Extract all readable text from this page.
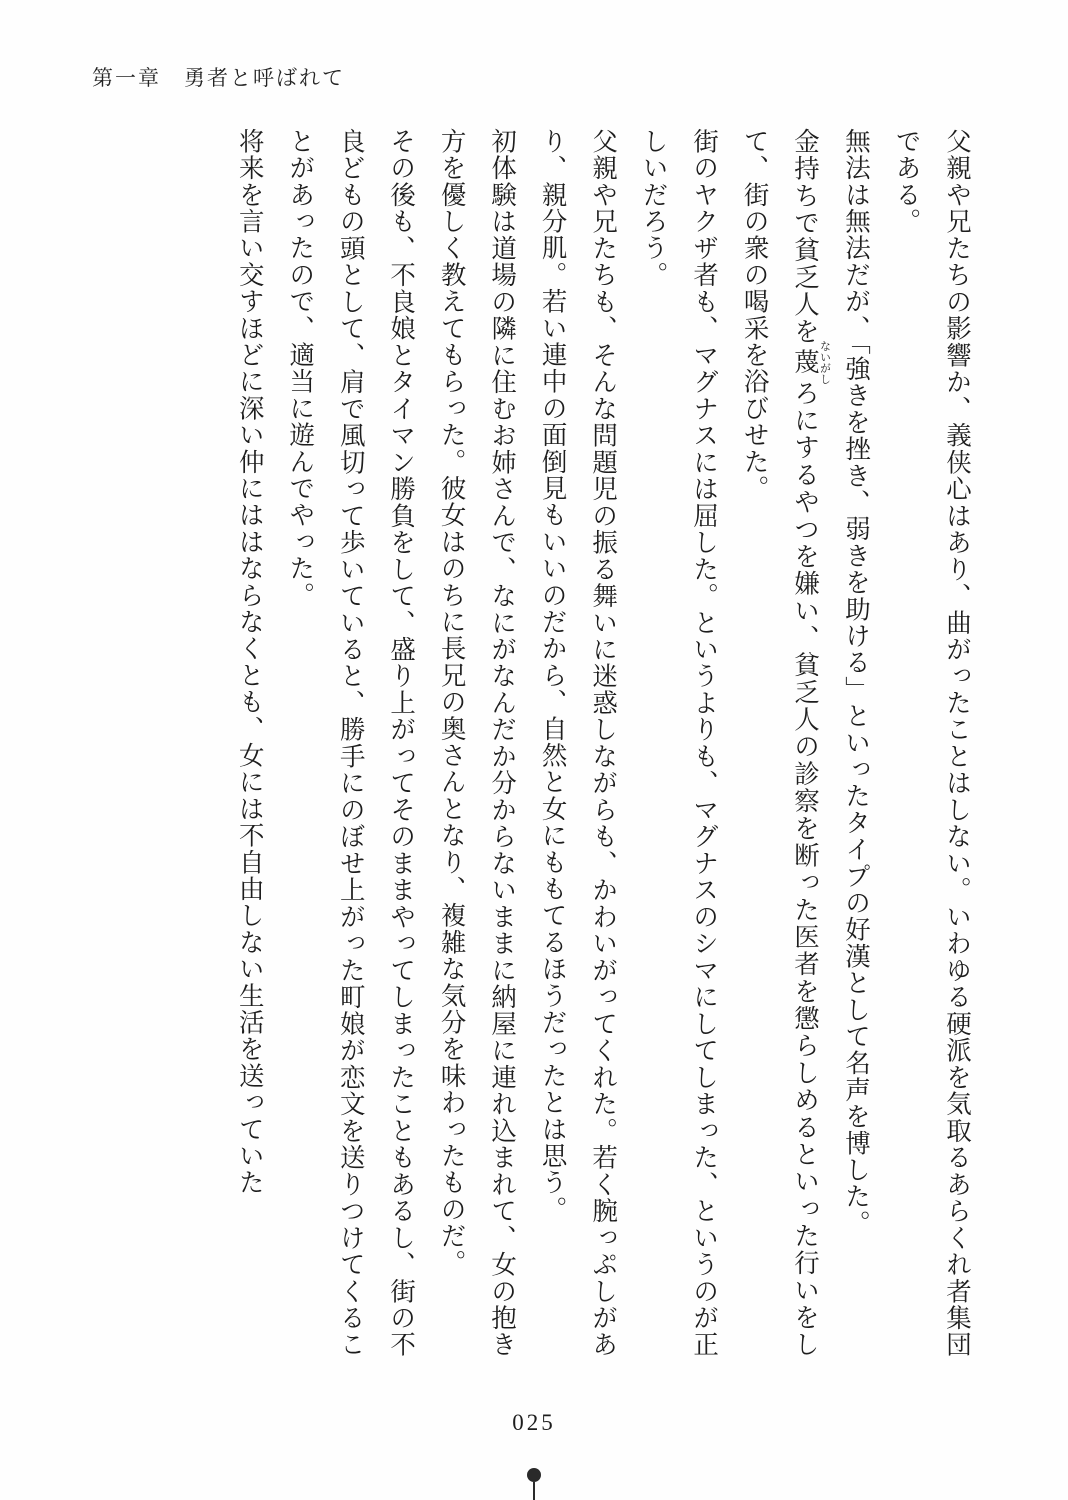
第一章　勇者と呼ばれて

父親や兄たちの影響か、義侠心はあり、曲がったことはしない。いわゆる硬派を気取るあらくれ者集団である。

無法は無法だが、「強きを挫き、弱きを助ける」といったタイプの好漢として名声を博した。

金持ちで貧乏人を蔑ないがしろにするやつを嫌い、貧乏人の診察を断った医者を懲らしめるといった行いをして、街の衆の喝采を浴びせた。

街のヤクザ者も、マグナスには屈した。というよりも、マグナスのシマにしてしまった、というのが正しいだろう。

父親や兄たちも、そんな問題児の振る舞いに迷惑しながらも、かわいがってくれた。若く腕っぷしがあり、親分肌。若い連中の面倒見もいいのだから、自然と女にももてるほうだったとは思う。

初体験は道場の隣に住むお姉さんで、なにがなんだか分からないままに納屋に連れ込まれて、女の抱き方を優しく教えてもらった。彼女はのちに長兄の奥さんとなり、複雑な気分を味わったものだ。

その後も、不良娘とタイマン勝負をして、盛り上がってそのままやってしまったこともあるし、街の不良どもの頭として、肩で風切って歩いていると、勝手にのぼせ上がった町娘が恋文を送りつけてくることがあったので、適当に遊んでやった。

将来を言い交すほどに深い仲にははならなくとも、女には不自由しない生活を送っていた

025
